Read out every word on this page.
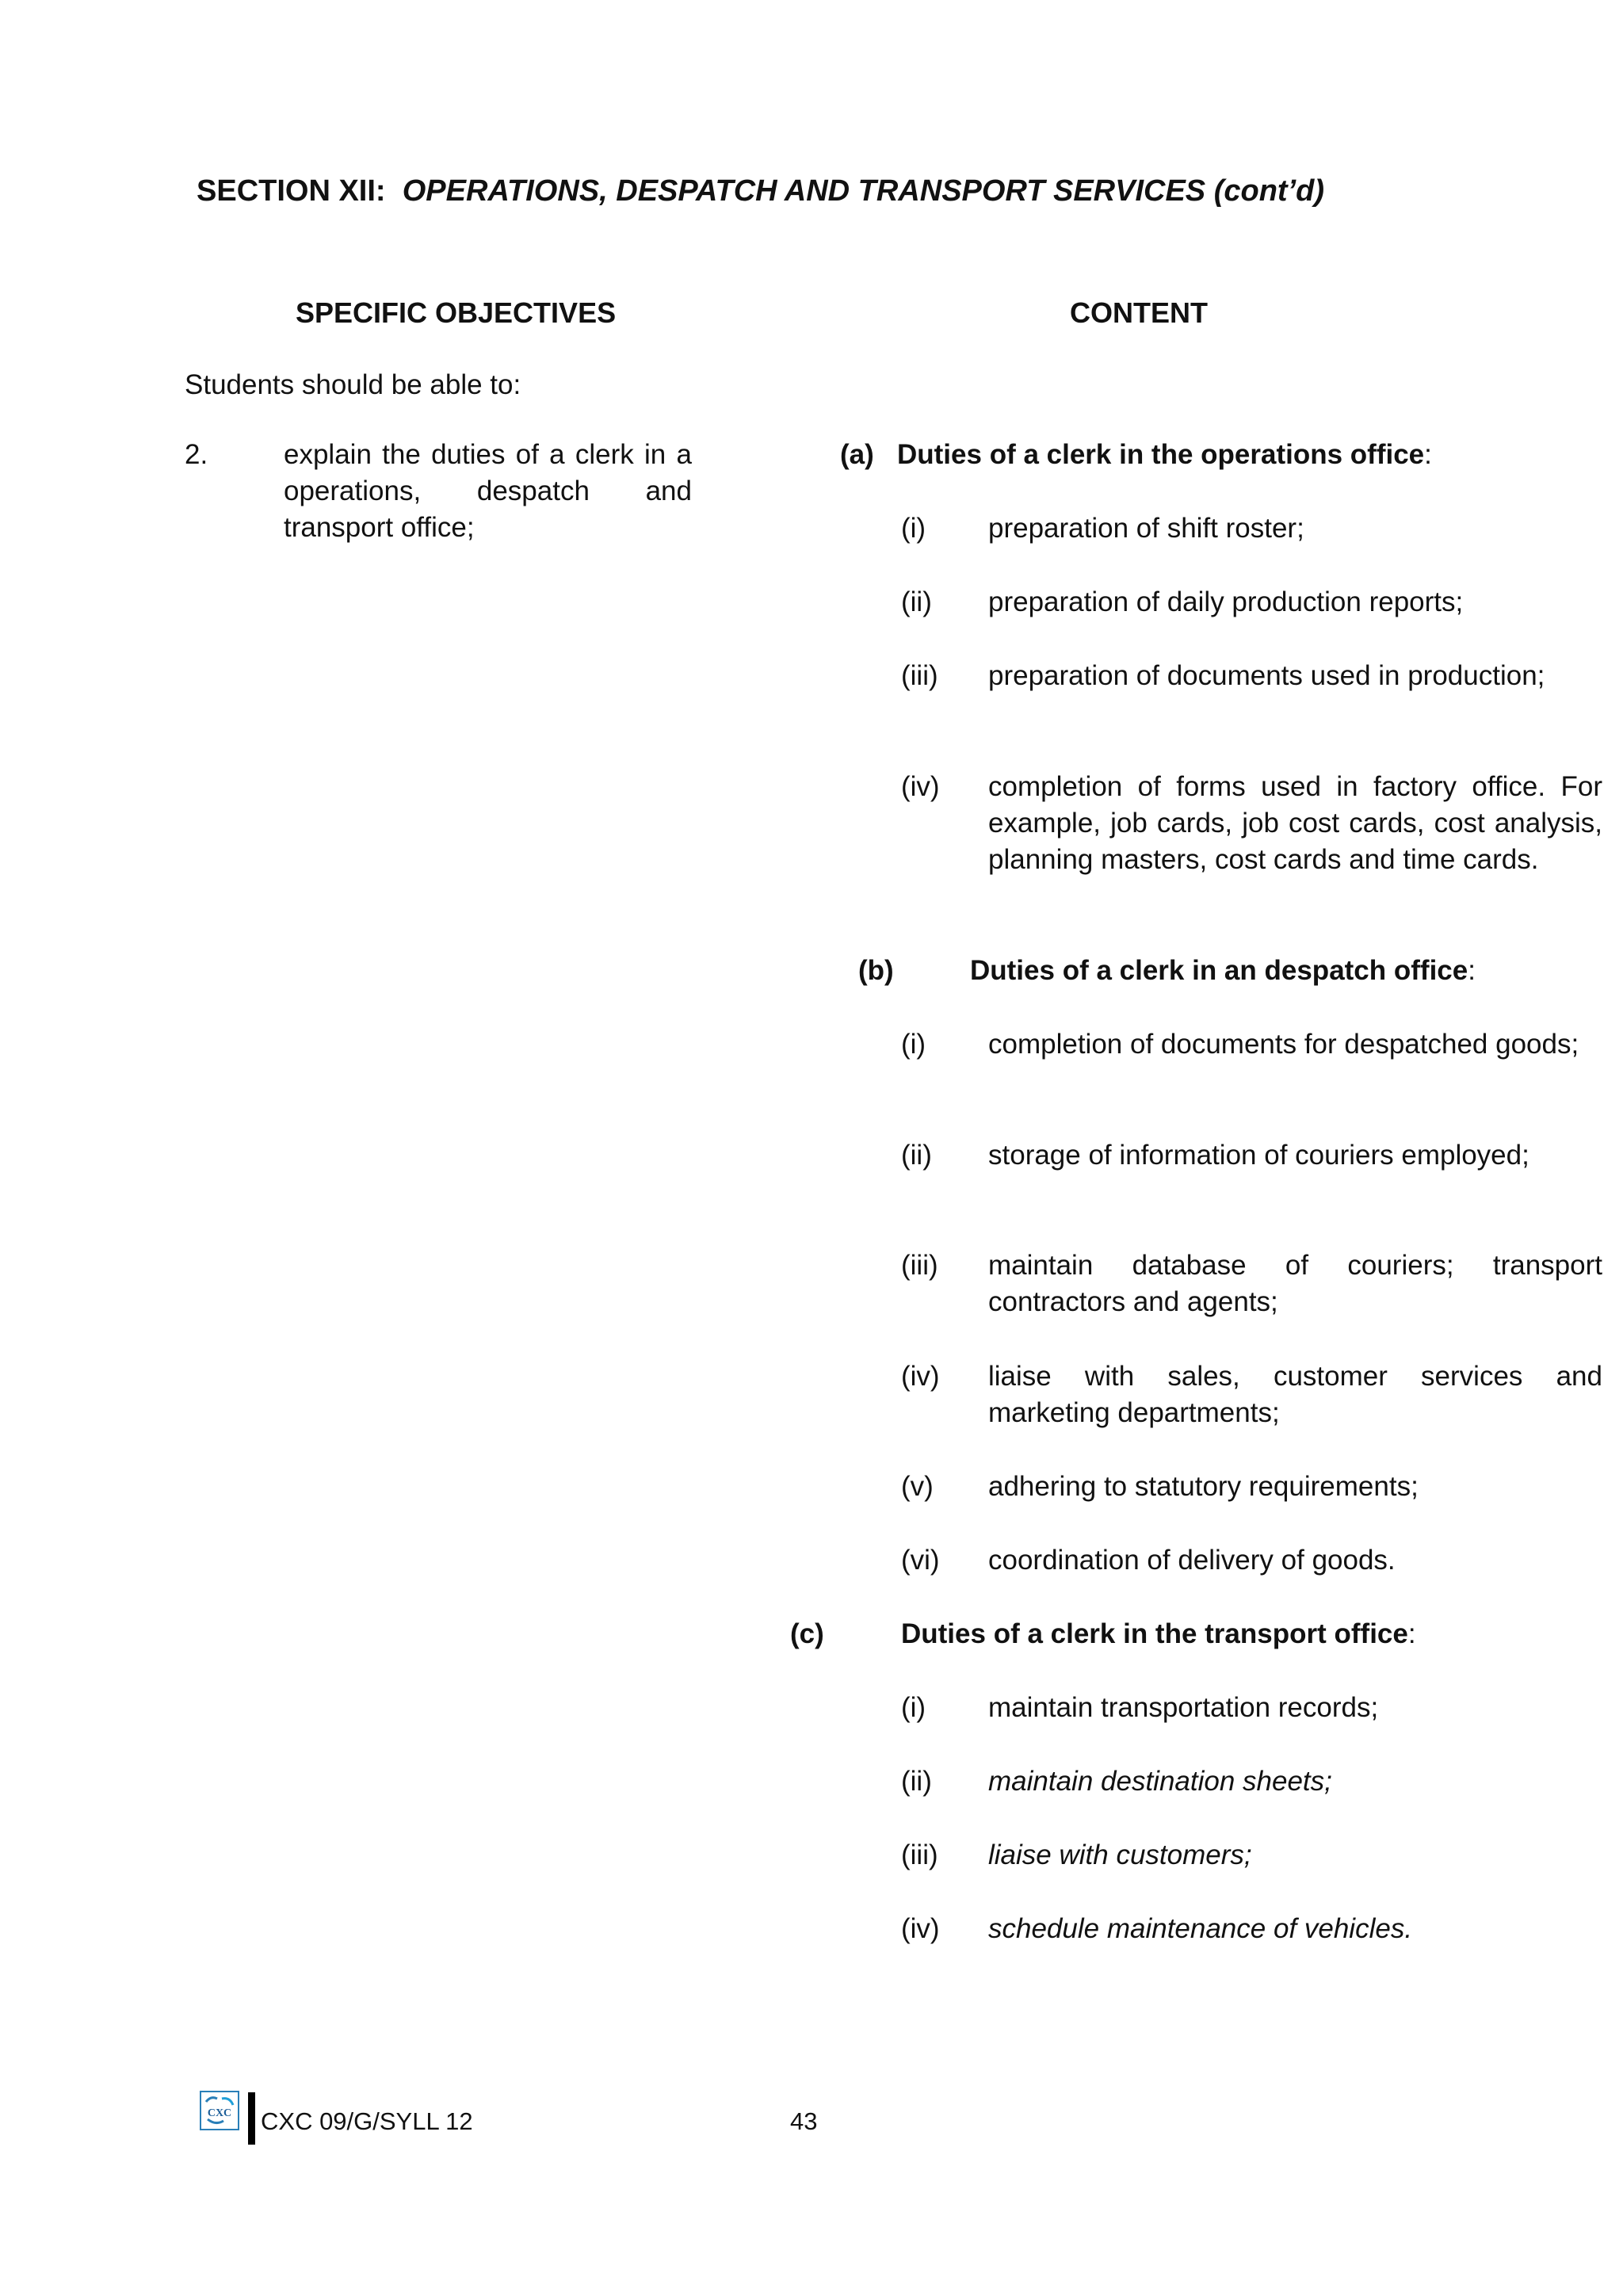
SECTION XII: OPERATIONS, DESPATCH AND TRANSPORT SERVICES (cont’d)
SPECIFIC OBJECTIVES	CONTENT
Students should be able to:
2.	explain the duties of a clerk in a operations, despatch and transport office;
(a) Duties of a clerk in the operations office:
(i) preparation of shift roster;
(ii) preparation of daily production reports;
(iii) preparation of documents used in production;
(iv) completion of forms used in factory office. For example, job cards, job cost cards, cost analysis, planning masters, cost cards and time cards.
(b)	Duties of a clerk in an despatch office:
(i) completion of documents for despatched goods;
(ii) storage of information of couriers employed;
(iii) maintain database of couriers; transport contractors and agents;
(iv) liaise with sales, customer services and marketing departments;
(v) adhering to statutory requirements;
(vi) coordination of delivery of goods.
(c)	Duties of a clerk in the transport office:
(i) maintain transportation records;
(ii) maintain destination sheets;
(iii) liaise with customers;
(iv) schedule maintenance of vehicles.
CXC CXC 09/G/SYLL 12	43
